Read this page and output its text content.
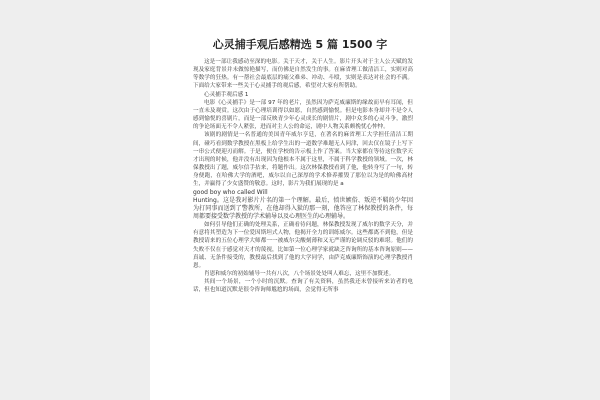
心灵捕手观后感精选 5 篇 1500 字

这是一部让我感动至深的电影。关于天才，关于人生。影片开头对于主人公天赋的发现及家庭背景并未做惊艳描写，而仿佛是自然发生的事。在麻省理工做清洁工，实则对高等数学的狂热。有一帮社会最底层的痛父难弟、冲动、斗殴，实则是表达对社会的不满。下面给大家带来一些关于心灵捕手的观后感，希望对大家有所帮助。

心灵捕手观后感 1

电影《心灵捕手》是一部 97 年的老片，虽然因为萨克威廉斯的缘故而早有耳闻，但一直未及观赏。这次由于心理培训得以如愿，自然感到愉悦。但是电影本身却并不是令人感到愉悦的喜剧片，而是一部反映青少年心灵成长的剧情片，剧中众多的心灵斗争，激烈的争论场面无不令人紧张，进而对主人公的命运，剧中人物关系颇挽忧心忡忡。

该剧的剧情是一名普通的美国青年威尔亨廷，在著名的麻省理工大学担任清洁工期间，碰巧看到数学教授在黑板上给学生出的一道数学难题无人问津，回去仅在镜子上写下一串公式便迎刃而解。于是，便在学校的告示板上作了答案。当大家都在等待这位数学天才出现的时候，他并没有出现因为他根本不属于这里，不属于科学教授的领域。一次，林保教授出了题，威尔信手拈来，将题作出。这次林保教授看到了他，他转身写了一句，转身便跑，在哈佛大学的酒吧，威尔以自己深厚的学术修养摧毁了那位以为是的哈佛高材生，并赢得了少女盛赞的敬意。这时，影片为我们展现的是 a

good boy who called Will

Hunting。这是我对影片片名的第一个理解。最后，愤世嫉俗、叛逆不羁的少年因为打同事而送到了警教所，在他却得入狱的那一刻，他答应了林保教授的条件，每周都要接受数学教授的学术辅导以及心理医生的心理辅导。

如何引导他们正确的处理关系，正确看待问题，林保教授发现了威尔的数学天分，并有意将其塑造为下一位爱因斯坦式人物，他揭开全力的训练威尔。这些都离不到他，但是教授请来的五位心理学大师都一一被威尔尖酸刻薄和又无严谨的论调反驳的难堪。他们的失败不仅在于感觉对天才的蔑视，比如第一位心理学家就缺乏咨询所的基本咨询原则——真诚、无条件接受的，教授最后找到了他的大学同学，由萨克威廉斯饰演的心理学教授肖恩。

肖恩和威尔的初始辅导一共有八次，八个场景处处叫人难忘，这里不加赘述。

其间一个场景，一个小时的沉默。查询了有关资料，虽然我还未曾接听来访者的电话，但也知道沉默是很令咨询师尴尬的场面，会觉得无所事
